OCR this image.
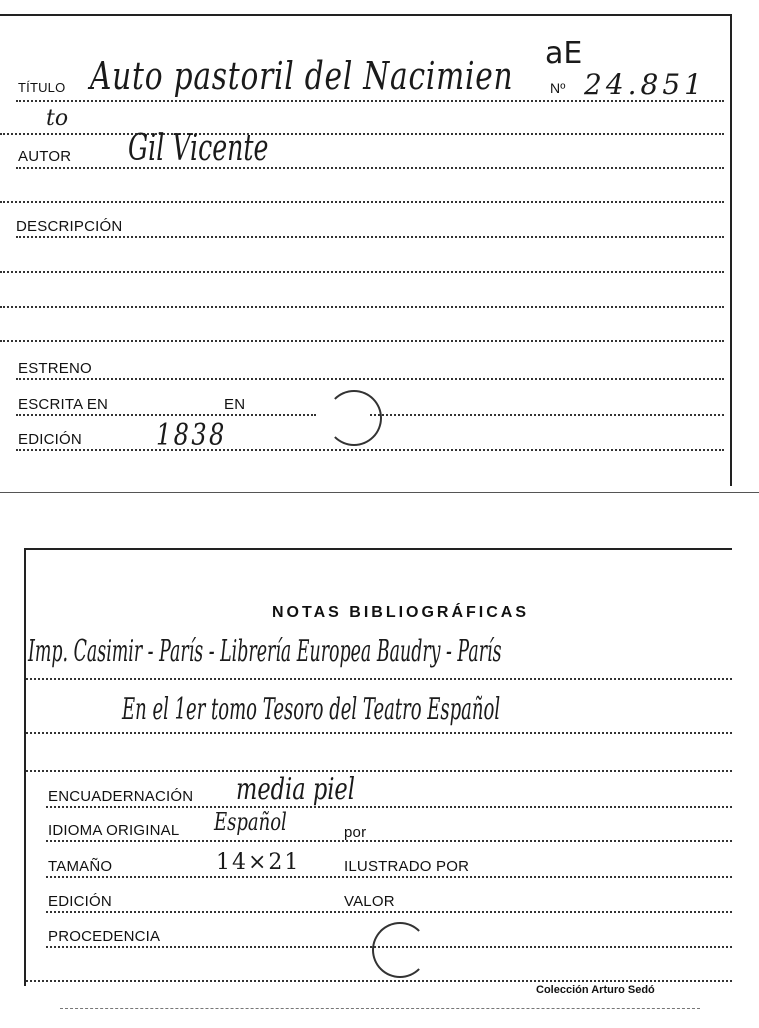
TÍTULO Auto pastoril del Nacimien
to
aE
Nº 24.851
AUTOR Gil Vicente
DESCRIPCIÓN
ESTRENO
ESCRITA EN	EN
EDICIÓN 1838
NOTAS BIBLIOGRÁFICAS
Imp. Casimir - París - Librería Europea Baudry - París
En el 1er tomo Tesoro del Teatro Español
ENCUADERNACIÓN media piel
IDIOMA ORIGINAL Español	por
TAMAÑO	14×21	ILUSTRADO POR
EDICIÓN	VALOR
PROCEDENCIA
Colección Arturo Sedó
